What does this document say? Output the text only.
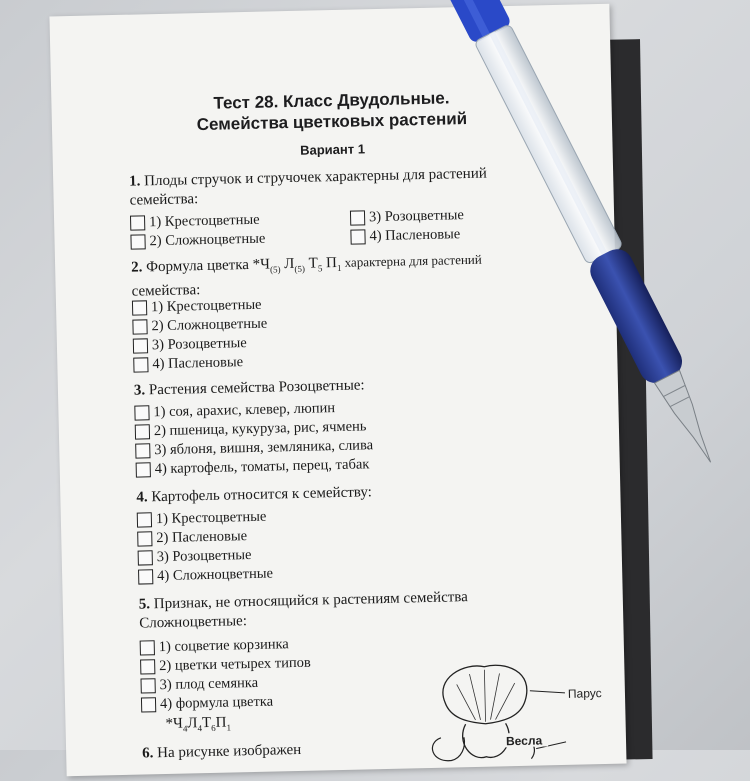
Тест 28. Класс Двудольные.
Семейства цветковых растений
Вариант 1
1. Плоды стручок и стручочек характерны для растений
семейства:
1) Крестоцветные	3) Розоцветные
2) Сложноцветные	4) Пасленовые
2. Формула цветка $*Ч_{(5)}$ $Л_{(5)}$ $Т_5$ $П_1$ характерна для растений
семейства:
1) Крестоцветные
2) Сложноцветные
3) Розоцветные
4) Пасленовые
3. Растения семейства Розоцветные:
1) соя, арахис, клевер, люпин
2) пшеница, кукуруза, рис, ячмень
3) яблоня, вишня, земляника, слива
4) картофель, томаты, перец, табак
4. Картофель относится к семейству:
1) Крестоцветные
2) Пасленовые
3) Розоцветные
4) Сложноцветные
5. Признак, не относящийся к растениям семейства
Сложноцветные:
1) соцветие корзинка
2) цветки четырех типов
3) плод семянка
4) формула цветка
$*Ч_4Л_4Т_6П_1$
6. На рисунке изображен
Парус
Весла
